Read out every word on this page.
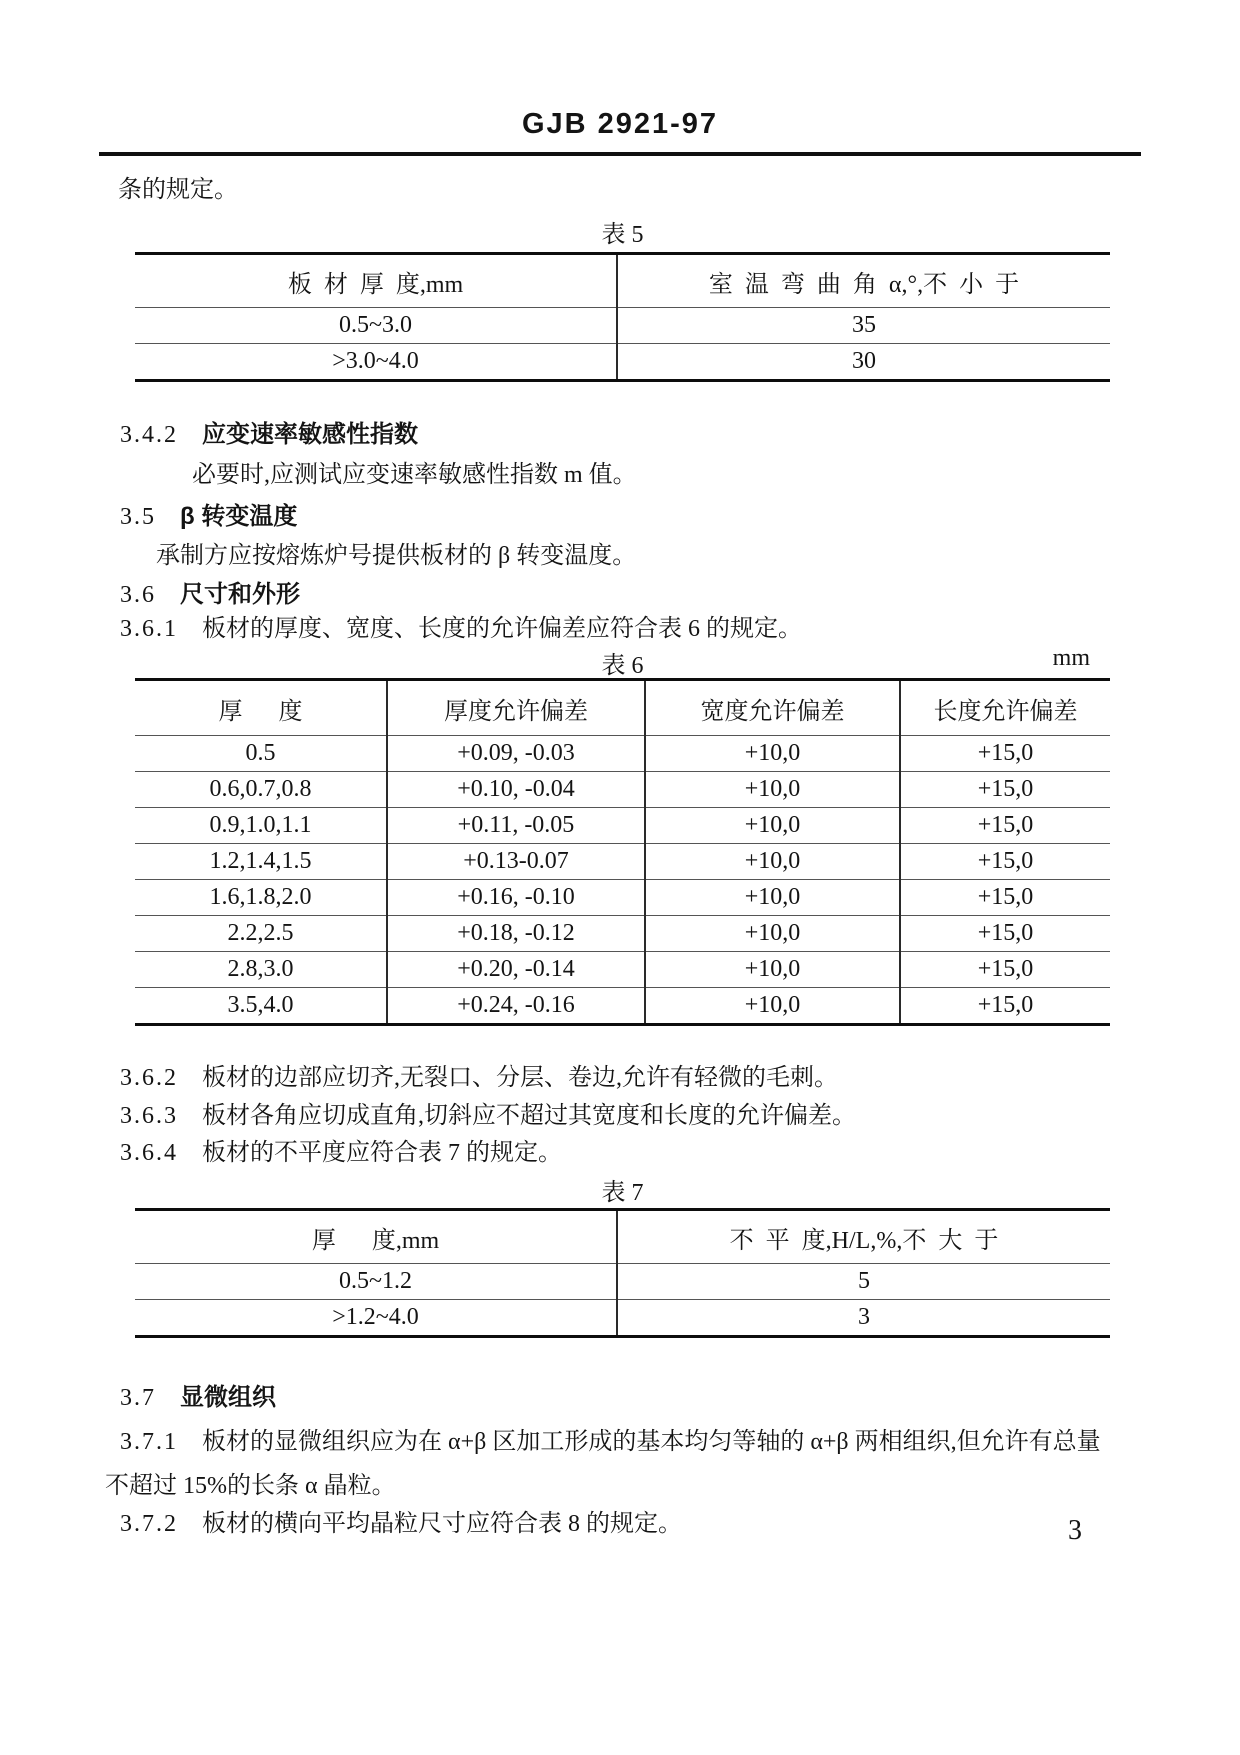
GJB 2921-97
条的规定。
表 5
板  材  厚  度,mm	室  温  弯  曲  角  α,°,不  小  于
0.5~3.0	35
>3.0~4.0	30
3.4.2 应变速率敏感性指数
必要时,应测试应变速率敏感性指数 m 值。
3.5 β 转变温度
承制方应按熔炼炉号提供板材的 β 转变温度。
3.6 尺寸和外形
3.6.1 板材的厚度、宽度、长度的允许偏差应符合表 6 的规定。
表 6	mm
厚      度	厚度允许偏差	宽度允许偏差	长度允许偏差
0.5	+0.09, -0.03	+10,0	+15,0
0.6,0.7,0.8	+0.10, -0.04	+10,0	+15,0
0.9,1.0,1.1	+0.11, -0.05	+10,0	+15,0
1.2,1.4,1.5	+0.13-0.07	+10,0	+15,0
1.6,1.8,2.0	+0.16, -0.10	+10,0	+15,0
2.2,2.5	+0.18, -0.12	+10,0	+15,0
2.8,3.0	+0.20, -0.14	+10,0	+15,0
3.5,4.0	+0.24, -0.16	+10,0	+15,0
3.6.2 板材的边部应切齐,无裂口、分层、卷边,允许有轻微的毛刺。
3.6.3 板材各角应切成直角,切斜应不超过其宽度和长度的允许偏差。
3.6.4 板材的不平度应符合表 7 的规定。
表 7
厚      度,mm	不  平  度,H/L,%,不  大  于
0.5~1.2	5
>1.2~4.0	3
3.7 显微组织
3.7.1 板材的显微组织应为在 α+β 区加工形成的基本均匀等轴的 α+β 两相组织,但允许有总量不超过 15%的长条 α 晶粒。
3.7.2 板材的横向平均晶粒尺寸应符合表 8 的规定。	3
